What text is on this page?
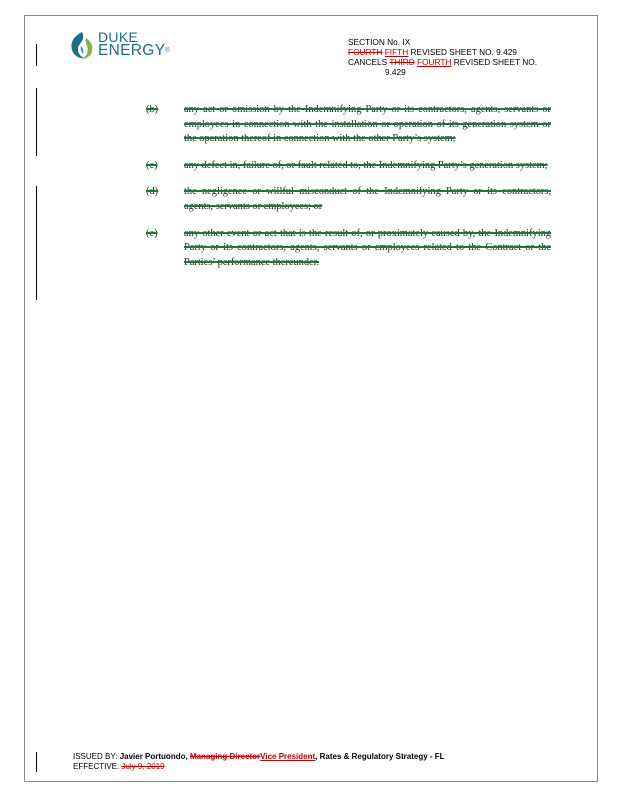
DUKE
ENERGY®
SECTION No. IX
FOURTH FIFTH REVISED SHEET NO. 9.429
CANCELS THIRD FOURTH REVISED SHEET NO.
9.429
(b)	any act or omission by the Indemnifying Party or its contractors, agents, servants or employees in connection with the installation or operation of its generation system or the operation thereof in connection with the other Party’s system;
(c)	any defect in, failure of, or fault related to, the Indemnifying Party’s generation system;
(d)	the negligence or willful misconduct of the Indemnifying Party or its contractors, agents, servants or employees; or
(e)	any other event or act that is the result of, or proximately caused by, the Indemnifying Party or its contractors, agents, servants or employees related to the Contract or the Parties’ performance thereunder.
ISSUED BY: Javier Portuondo, Managing DirectorVice President, Rates & Regulatory Strategy - FL
EFFECTIVE: July 9, 2019
